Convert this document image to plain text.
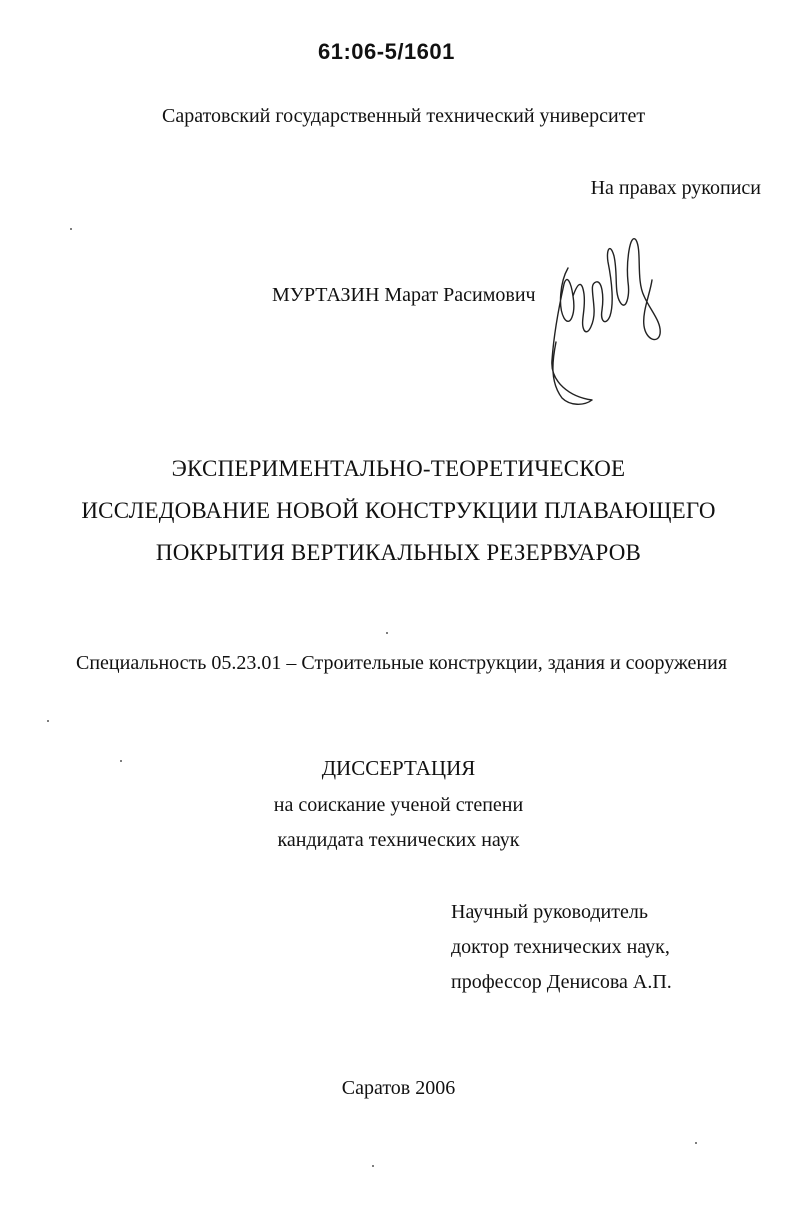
61:06-5/1601
Саратовский государственный технический университет
На правах рукописи
МУРТАЗИН Марат Расимович
ЭКСПЕРИМЕНТАЛЬНО-ТЕОРЕТИЧЕСКОЕ
ИССЛЕДОВАНИЕ НОВОЙ КОНСТРУКЦИИ ПЛАВАЮЩЕГО
ПОКРЫТИЯ ВЕРТИКАЛЬНЫХ РЕЗЕРВУАРОВ
Специальность 05.23.01 – Строительные конструкции, здания и сооружения
ДИССЕРТАЦИЯ
на соискание ученой степени
кандидата технических наук
Научный руководитель
доктор технических наук,
профессор Денисова А.П.
Саратов 2006
